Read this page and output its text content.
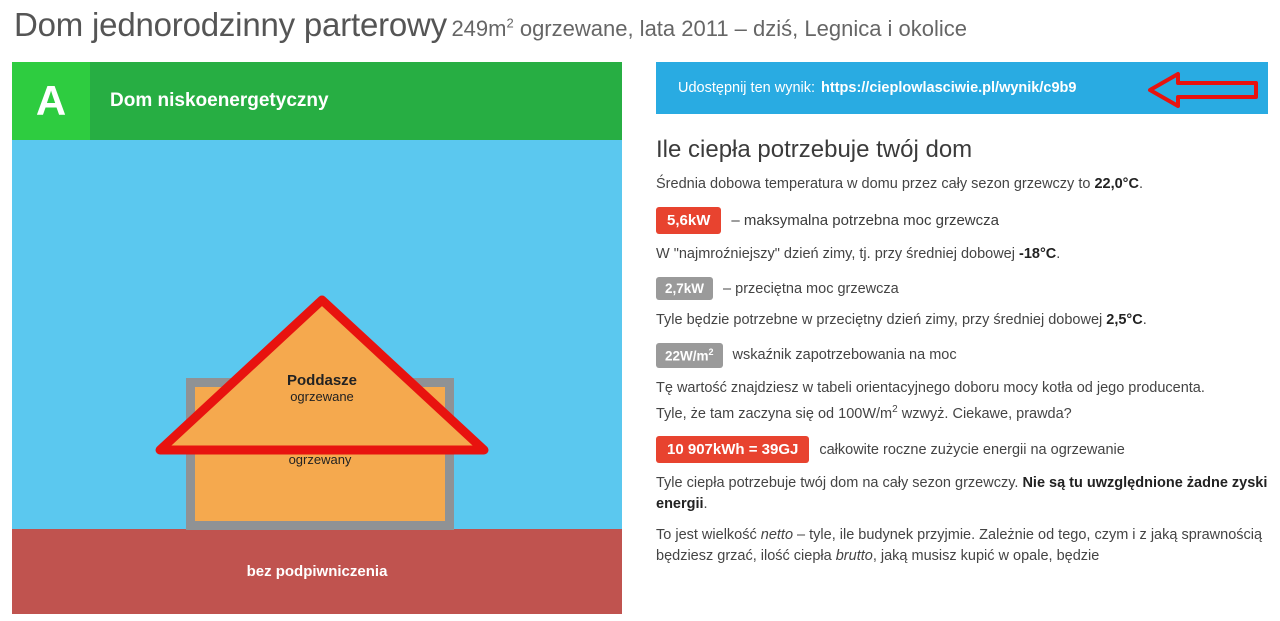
Dom jednorodzinny parterowy $249m^2$ ogrzewane, lata 2011 – dziś, Legnica i okolice
A	Dom niskoenergetyczny
bez podpiwniczenia
ogrzewany
Poddasze
ogrzewane
Udostępnij ten wynik: https://cieplowlasciwie.pl/wynik/c9b9
Ile ciepła potrzebuje twój dom
Średnia dobowa temperatura w domu przez cały sezon grzewczy to 22,0°C.
5,6kW	– maksymalna potrzebna moc grzewcza
W "najmroźniejszy" dzień zimy, tj. przy średniej dobowej -18°C.
2,7kW	– przeciętna moc grzewcza
Tyle będzie potrzebne w przeciętny dzień zimy, przy średniej dobowej 2,5°C.
$22W/m^2$	wskaźnik zapotrzebowania na moc
Tę wartość znajdziesz w tabeli orientacyjnego doboru mocy kotła od jego producenta.
Tyle, że tam zaczyna się od $100W/m^2$ wzwyż. Ciekawe, prawda?
10 907kWh = 39GJ	całkowite roczne zużycie energii na ogrzewanie
Tyle ciepła potrzebuje twój dom na cały sezon grzewczy. Nie są tu uwzględnione żadne zyski energii.
To jest wielkość netto – tyle, ile budynek przyjmie. Zależnie od tego, czym i z jaką sprawnością będziesz grzać, ilość ciepła brutto, jaką musisz kupić w opale, będzie
